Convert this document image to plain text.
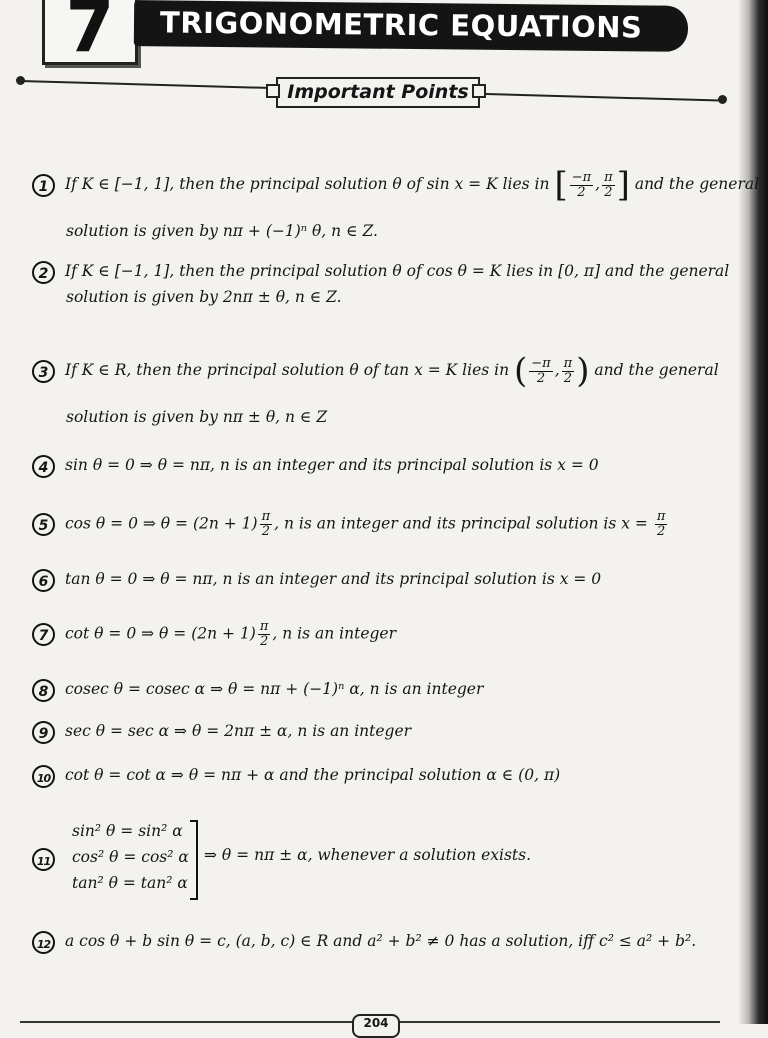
7	TRIGONOMETRIC EQUATIONS
Important Points
1 If K ∈ [−1, 1], then the principal solution θ of sin x = K lies in [ $\frac{-\pi}{2}$ , $\frac{\pi}{2}$ ] and the general
solution is given by nπ + (−1)ⁿ θ, n ∈ Z.
2 If K ∈ [−1, 1], then the principal solution θ of cos θ = K lies in [0, π] and the general
solution is given by 2nπ ± θ, n ∈ Z.
3 If K ∈ R, then the principal solution θ of tan x = K lies in ( $\frac{-\pi}{2}$ , $\frac{\pi}{2}$ ) and the general
solution is given by nπ ± θ, n ∈ Z
4 sin θ = 0 ⇒ θ = nπ, n is an integer and its principal solution is x = 0
5 cos θ = 0 ⇒ $\theta = (2n + 1) \frac{\pi}{2}$ , n is an integer and its principal solution is $x = \frac{\pi}{2}$
6 tan θ = 0 ⇒ θ = nπ, n is an integer and its principal solution is x = 0
7 cot θ = 0 ⇒ $\theta = (2n + 1) \frac{\pi}{2}$ , n is an integer
8 cosec θ = cosec α ⇒ θ = nπ + (−1)ⁿ α, n is an integer
9 sec θ = sec α ⇒ θ = 2nπ ± α, n is an integer
10 cot θ = cot α ⇒ θ = nπ + α and the principal solution α ∈ (0, π)
12 a cos θ + b sin θ = c, (a, b, c) ∈ R and a² + b² ≠ 0 has a solution, iff c² ≤ a² + b².
11
sin² θ = sin² α
cos² θ = cos² α
tan² θ = tan² α
⇒ θ = nπ ± α, whenever a solution exists.
204
